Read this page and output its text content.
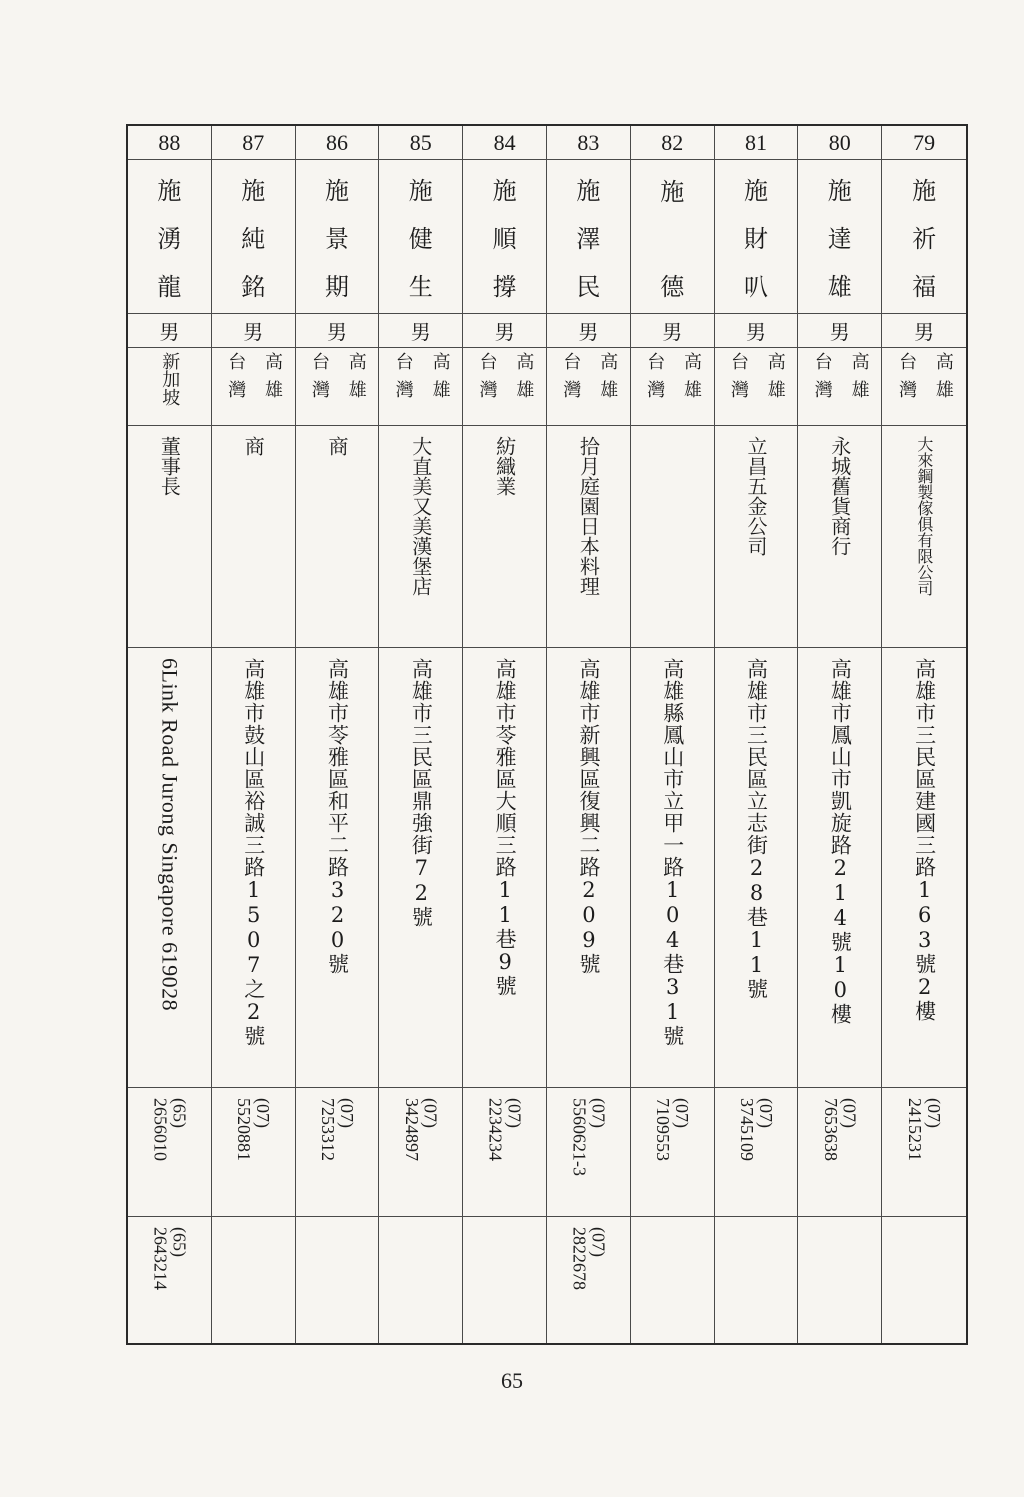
88
施
湧
龍
男
新加坡
董事長
6Link Road Jurong Singapore 619028
(65)
2656010
(65)
2643214
87
施
純
銘
男
台灣 高雄
商
高雄市鼓山區裕誠三路1507之2號
(07)
5520881
86
施
景
期
男
台灣 高雄
商
高雄市苓雅區和平二路320號
(07)
7253312
85
施
健
生
男
台灣 高雄
大直美又美漢堡店
高雄市三民區鼎強街72號
(07)
3424897
84
施
順
撐
男
台灣 高雄
紡織業
高雄市苓雅區大順三路11巷9號
(07)
2234234
83
施
澤
民
男
台灣 高雄
拾月庭園日本料理
高雄市新興區復興二路209號
(07)
5560621-3
(07)
2822678
82
施
德
男
台灣 高雄
高雄縣鳳山市立甲一路104巷31號
(07)
7109553
81
施
財
叭
男
台灣 高雄
立昌五金公司
高雄市三民區立志街28巷11號
(07)
3745109
80
施
達
雄
男
台灣 高雄
永城舊貨商行
高雄市鳳山市凱旋路214號10樓
(07)
7653638
79
施
祈
福
男
台灣 高雄
大來鋼製傢俱有限公司
高雄市三民區建國三路163號2樓
(07)
2415231
65
